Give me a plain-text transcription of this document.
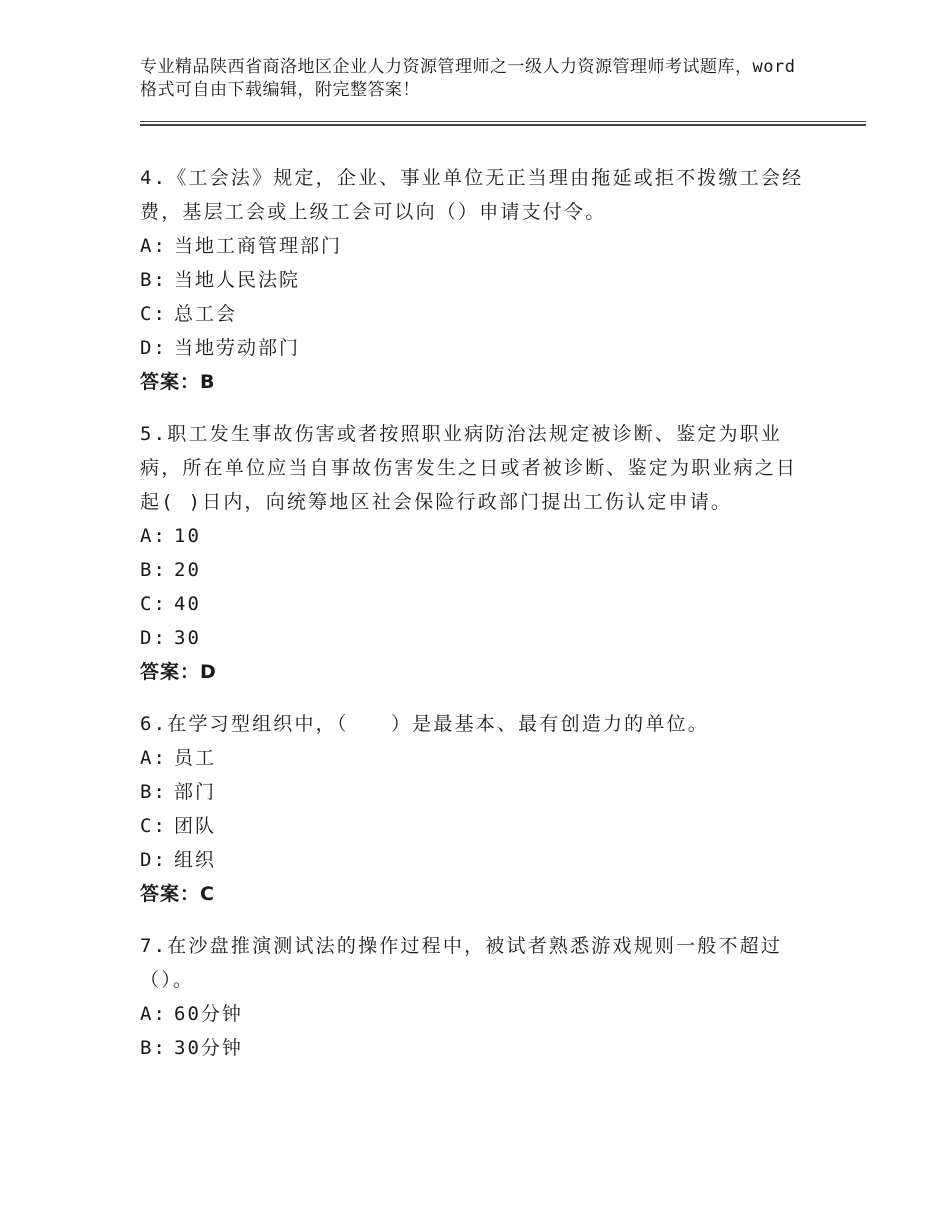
专业精品陕西省商洛地区企业人力资源管理师之一级人力资源管理师考试题库，word格式可自由下载编辑，附完整答案！

4.《工会法》规定，企业、事业单位无正当理由拖延或拒不拨缴工会经费，基层工会或上级工会可以向（）申请支付令。

A: 当地工商管理部门

B: 当地人民法院

C: 总工会

D: 当地劳动部门

答案：B

5.职工发生事故伤害或者按照职业病防治法规定被诊断、鉴定为职业病，所在单位应当自事故伤害发生之日或者被诊断、鉴定为职业病之日起( )日内，向统筹地区社会保险行政部门提出工伤认定申请。

A: 10

B: 20

C: 40

D: 30

答案：D

6.在学习型组织中，（　　）是最基本、最有创造力的单位。

A: 员工

B: 部门

C: 团队

D: 组织

答案：C

7.在沙盘推演测试法的操作过程中，被试者熟悉游戏规则一般不超过（）。

A: 60分钟

B: 30分钟
